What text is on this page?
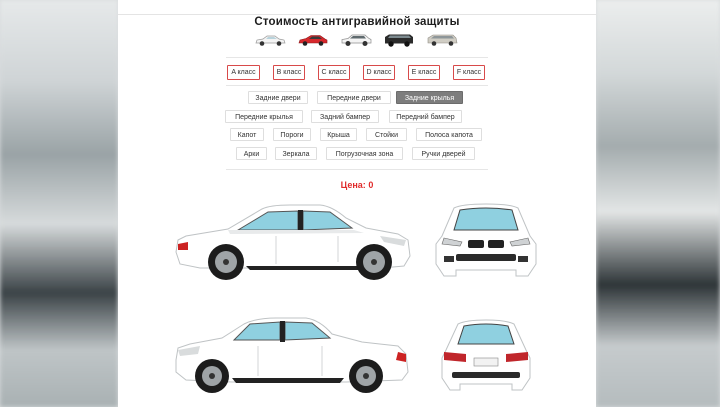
Стоимость антигравийной защиты
A класс	B класс	C класс	D класс	E класс	F класс
Задние двери	Передние двери	Задние крылья
Передние крылья	Задний бампер	Передний бампер
Капот	Пороги	Крыша	Стойки	Полоса капота
Арки	Зеркала	Погрузочная зона	Ручки дверей
Цена: 0
